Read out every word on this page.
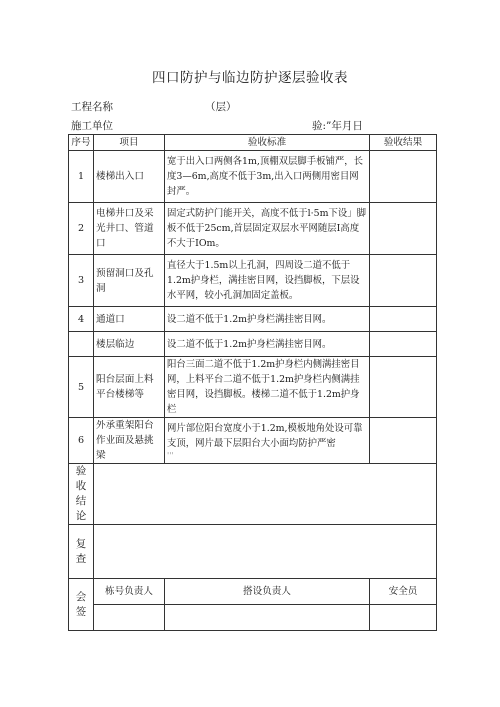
四口防护与临边防护逐层验收表
工程名称	（层）
施工单位	验:”年月日
序号	项目	验收标准	验收结果
1	楼梯出入口	宽于出入口两侧各1m,顶棚双层脚手板铺严，长度3—6m,高度不低于3m,出入口两侧用密目网封严。	
2	电梯井口及采光井口、管道口	固定式防护门能开关，高度不低于l·5m下设」脚板不低于25cm,首层固定双层水平网随层I高度不大于IOm。	
3	预留洞口及孔洞	直径大于1.5m以上孔洞，四周设二道不低于1.2m护身栏，满挂密目网，设挡脚板，下层设水平网，较小孔洞加固定盖板。	
4	通道口	设二道不低于1.2m护身栏满挂密目网。	
	楼层临边	设二道不低于1.2m护身栏满挂密目网。	
5	阳台层面上料平台楼梯等	阳台三面二道不低于1.2m护身栏内侧满挂密目网，上料平台二道不低于1.2m护身栏内侧满挂密目网，设挡脚板。楼梯二道不低于1.2m护身栏	
6	外承重架阳台作业面及悬挑梁	网片部位阳台宽度小于1.2m,模板地角处设可靠支顶，网片最下层阳台大小面均防护严密
'''	

验
收
结
论			

复
查			

会
签	栋号负责人	搭设负责人	安全员
